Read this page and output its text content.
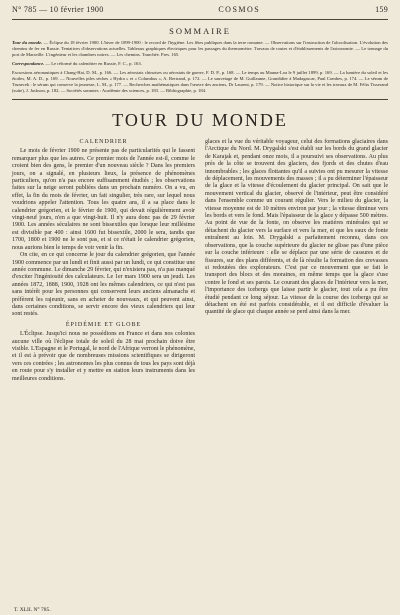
N° 785 — 10 février 1900	COSMOS	159
SOMMAIRE

Tour du monde. — Éclipse du 18 février 1900. L'hiver de 1899-1900 : le record de l'hygiène. Les fêtes publiques dans la terre romaine. — Observations sur l'instruction de l'alcoolisation. L'évolution des chemins de fer en Russie. Tentatives d'observations actuelles. Tableaux graphiques électriques pour les passages du thermomètre. Travaux de routes et d'établissements de l'astronomie. — Le tonnage du port de Marseille. L'ingénieur et les chambres noires. — Les chemins. Tranchée. Pres. 165.

Correspondance. — Le réformé du calendrier en Russie, F. C., p. 163.

Excursions aéronautiques à Chang-Hai, D. M., p. 166. — Les aérostats chinoises ou aérostats de guerre, F. D. P., p. 168. — Le temps au Mauna-Loa le 9 juillet 1899, p. 169. — La lumière du soleil et les étoiles, M. A. D., p. 169. — Nouvelles piles sèches « Hydra » et « Columbus », A. Bertrand, p. 172. — Le sauvetage de M. Guillaume, Grandidier à Madagascar, Paul Combes, p. 174. — Le sérum de Trunecek : le sérum qui conserve la jeunesse, L. M., p. 177. — Recherches mathématiques dans l'œuvre des anciens, Dr Laurent, p. 179. — Notice historique sur la vie et les travaux de M. Félix Tisserand (suite), J. Jackson, p. 182. — Sociétés savantes : Académie des sciences, p. 183. — Bibliographie, p. 184.

TOUR DU MONDE
CALENDRIER

Le mois de février 1900 ne présente pas de particularités qui le fassent remarquer plus que les autres. Ce premier mois de l'année est-il, comme le croient bien des gens, le premier d'un nouveau siècle ? Dans les premiers jours, on a signalé, en plusieurs lieux, la présence de phénomènes particuliers, qu'on n'a pas encore suffisamment étudiés ; les observations faites sur la neige seront publiées dans un prochain numéro. On a vu, en effet, la fin du mois de février, un fait singulier, très rare, sur lequel nous voudrions appeler l'attention. Tous les quatre ans, il a sa place dans le calendrier grégorien, et le février de 1900, qui devait régulièrement avoir vingt-neuf jours, n'en a que vingt-huit. Il n'y aura donc pas de 29 février 1900. Les années séculaires ne sont bissextiles que lorsque leur millésime est divisible par 400 : ainsi 1600 fut bissextile, 2000 le sera, tandis que 1700, 1800 et 1900 ne le sont pas, et si ce n'était le calendrier grégorien, nous aurions bien le temps de voir venir la fin.

On cite, en ce qui concerne le jour du calendrier grégorien, que l'année 1900 commence par un lundi et finit aussi par un lundi, ce qui constitue une année commune. Le dimanche 29 février, qui n'existera pas, n'a pas manqué d'exciter l'ingéniosité des calculateurs. Le 1er mars 1900 sera un jeudi. Les années 1872, 1888, 1900, 1928 ont les mêmes calendriers, ce qui n'est pas sans intérêt pour les personnes qui conservent leurs anciens almanachs et préfèrent les rajeunir, sans en acheter de nouveaux, et qui peuvent ainsi, dans certaines conditions, se servir encore des vieux calendriers qui leur sont restés.

ÉPIDÉMIE ET GLOBE

L'Éclipse. Jusqu'ici nous ne possédions en France et dans nos colonies aucune ville où l'éclipse totale de soleil du 28 mai prochain doive être visible. L'Espagne et le Portugal, le nord de l'Afrique verront le phénomène, et il est à prévoir que de nombreuses missions scientifiques se dirigeront vers ces contrées ; les astronomes les plus connus de tous les pays sont déjà en route pour s'y installer et y mettre en station leurs instruments dans les meilleures conditions.

glaces et la vue du véritable voyageur, celui des formations glaciaires dans l'Arctique du Nord. M. Drygalski s'est établi sur les bords du grand glacier de Karajak et, pendant onze mois, il a poursuivi ses observations. Au plus près de la côte se trouvent des glaciers, des fjords et des chutes d'eau innombrables ; les glaces flottantes qu'il a suivies ont pu mesurer la vitesse de déplacement, les mouvements des masses ; il a pu déterminer l'épaisseur de la glace et la vitesse d'écoulement du glacier principal. On sait que le mouvement vertical du glacier, observé de l'intérieur, peut être considéré dans l'ensemble comme un courant régulier. Vers le milieu du glacier, la vitesse moyenne est de 10 mètres environ par jour ; la vitesse diminue vers les bords et vers le fond. Mais l'épaisseur de la glace y dépasse 500 mètres. Au point de vue de la fonte, on observe les matières minérales qui se détachent du glacier vers la surface et vers la mer, et que les eaux de fonte entraînent au loin. M. Drygalski a parfaitement reconnu, dans ces observations, que la couche supérieure du glacier ne glisse pas d'une pièce sur la couche inférieure : elle se déplace par une série de cassures et de fissures, sur des plans différents, et de là résulte la formation des crevasses si redoutées des explorateurs. C'est par ce mouvement que se fait le transport des blocs et des moraines, en même temps que la glace s'use contre le fond et ses parois. Le courant des glaces de l'intérieur vers la mer, l'importance des icebergs que laisse partir le glacier, tout cela a pu être étudié pendant ce long séjour. La vitesse de la course des icebergs qui se détachent en été est parfois considérable, et il est difficile d'évaluer la quantité de glace qui chaque année se perd ainsi dans la mer.

T. XLII. N° 785.
